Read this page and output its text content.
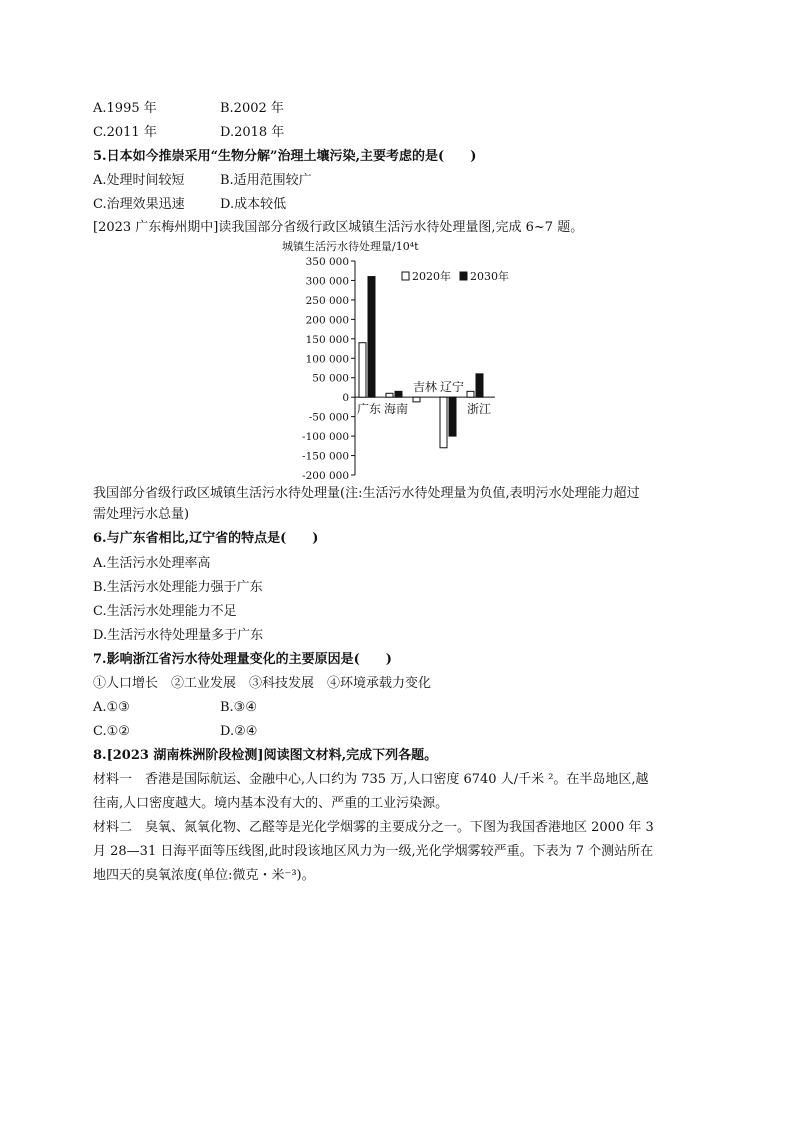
A.1995 年	B.2002 年
C.2011 年	D.2018 年
5.日本如今推崇采用“生物分解”治理土壤污染,主要考虑的是(　　)
A.处理时间较短	B.适用范围较广
C.治理效果迅速	D.成本较低
[2023 广东梅州期中]读我国部分省级行政区城镇生活污水待处理量图,完成 6~7 题。
城镇生活污水待处理量/10⁴t
350 000
300 000
250 000
200 000
150 000
100 000
50 000
0
-50 000
-100 000
-150 000
-200 000
广东 海南
吉林 辽宁
浙江
2020年 2030年
我国部分省级行政区城镇生活污水待处理量(注:生活污水待处理量为负值,表明污水处理能力超过
需处理污水总量)
6.与广东省相比,辽宁省的特点是(　　)
A.生活污水处理率高
B.生活污水处理能力强于广东
C.生活污水处理能力不足
D.生活污水待处理量多于广东
7.影响浙江省污水待处理量变化的主要原因是(　　)
①人口增长　②工业发展　③科技发展　④环境承载力变化
A.①③	B.③④
C.①②	D.②④
8.[2023 湖南株洲阶段检测]阅读图文材料,完成下列各题。
材料一　香港是国际航运、金融中心,人口约为 735 万,人口密度 6740 人/千米 ²。在半岛地区,越
往南,人口密度越大。境内基本没有大的、严重的工业污染源。
材料二　臭氧、氮氧化物、乙醛等是光化学烟雾的主要成分之一。下图为我国香港地区 2000 年 3
月 28—31 日海平面等压线图,此时段该地区风力为一级,光化学烟雾较严重。下表为 7 个测站所在
地四天的臭氧浓度(单位:微克・米⁻³)。
